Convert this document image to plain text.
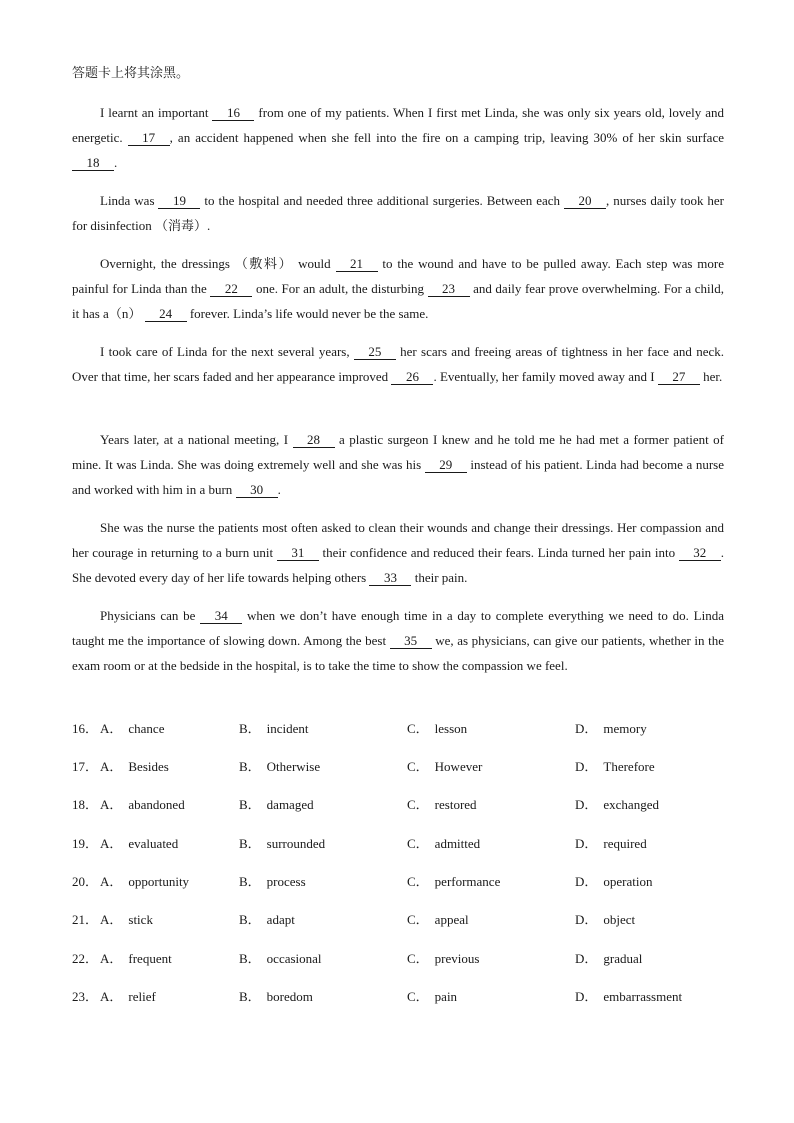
答题卡上将其涂黑。
I learnt an important 16 from one of my patients. When I first met Linda, she was only six years old, lovely and energetic. 17 , an accident happened when she fell into the fire on a camping trip, leaving 30% of her skin surface 18 .
Linda was 19 to the hospital and needed three additional surgeries. Between each 20 , nurses daily took her for disinfection （消毒）.
Overnight, the dressings （敷料） would 21 to the wound and have to be pulled away. Each step was more painful for Linda than the 22 one. For an adult, the disturbing 23 and daily fear prove overwhelming. For a child, it has a（n） 24 forever. Linda’s life would never be the same.
I took care of Linda for the next several years, 25 her scars and freeing areas of tightness in her face and neck. Over that time, her scars faded and her appearance improved 26 . Eventually, her family moved away and I 27 her.
Years later, at a national meeting, I 28 a plastic surgeon I knew and he told me he had met a former patient of mine. It was Linda. She was doing extremely well and she was his 29 instead of his patient. Linda had become a nurse and worked with him in a burn 30 .
She was the nurse the patients most often asked to clean their wounds and change their dressings. Her compassion and her courage in returning to a burn unit 31 their confidence and reduced their fears. Linda turned her pain into 32 . She devoted every day of her life towards helping others 33 their pain.
Physicians can be 34 when we don’t have enough time in a day to complete everything we need to do. Linda taught me the importance of slowing down. Among the best 35 we, as physicians, can give our patients, whether in the exam room or at the bedside in the hospital, is to take the time to show the compassion we feel.
16． A． chance	B． incident	C． lesson	D． memory
17． A． Besides	B． Otherwise	C． However	D． Therefore
18． A． abandoned	B． damaged	C． restored	D． exchanged
19． A． evaluated	B． surrounded	C． admitted	D． required
20． A． opportunity	B． process	C． performance	D． operation
21． A． stick	B． adapt	C． appeal	D． object
22． A． frequent	B． occasional	C． previous	D． gradual
23． A． relief	B． boredom	C． pain	D． embarrassment
